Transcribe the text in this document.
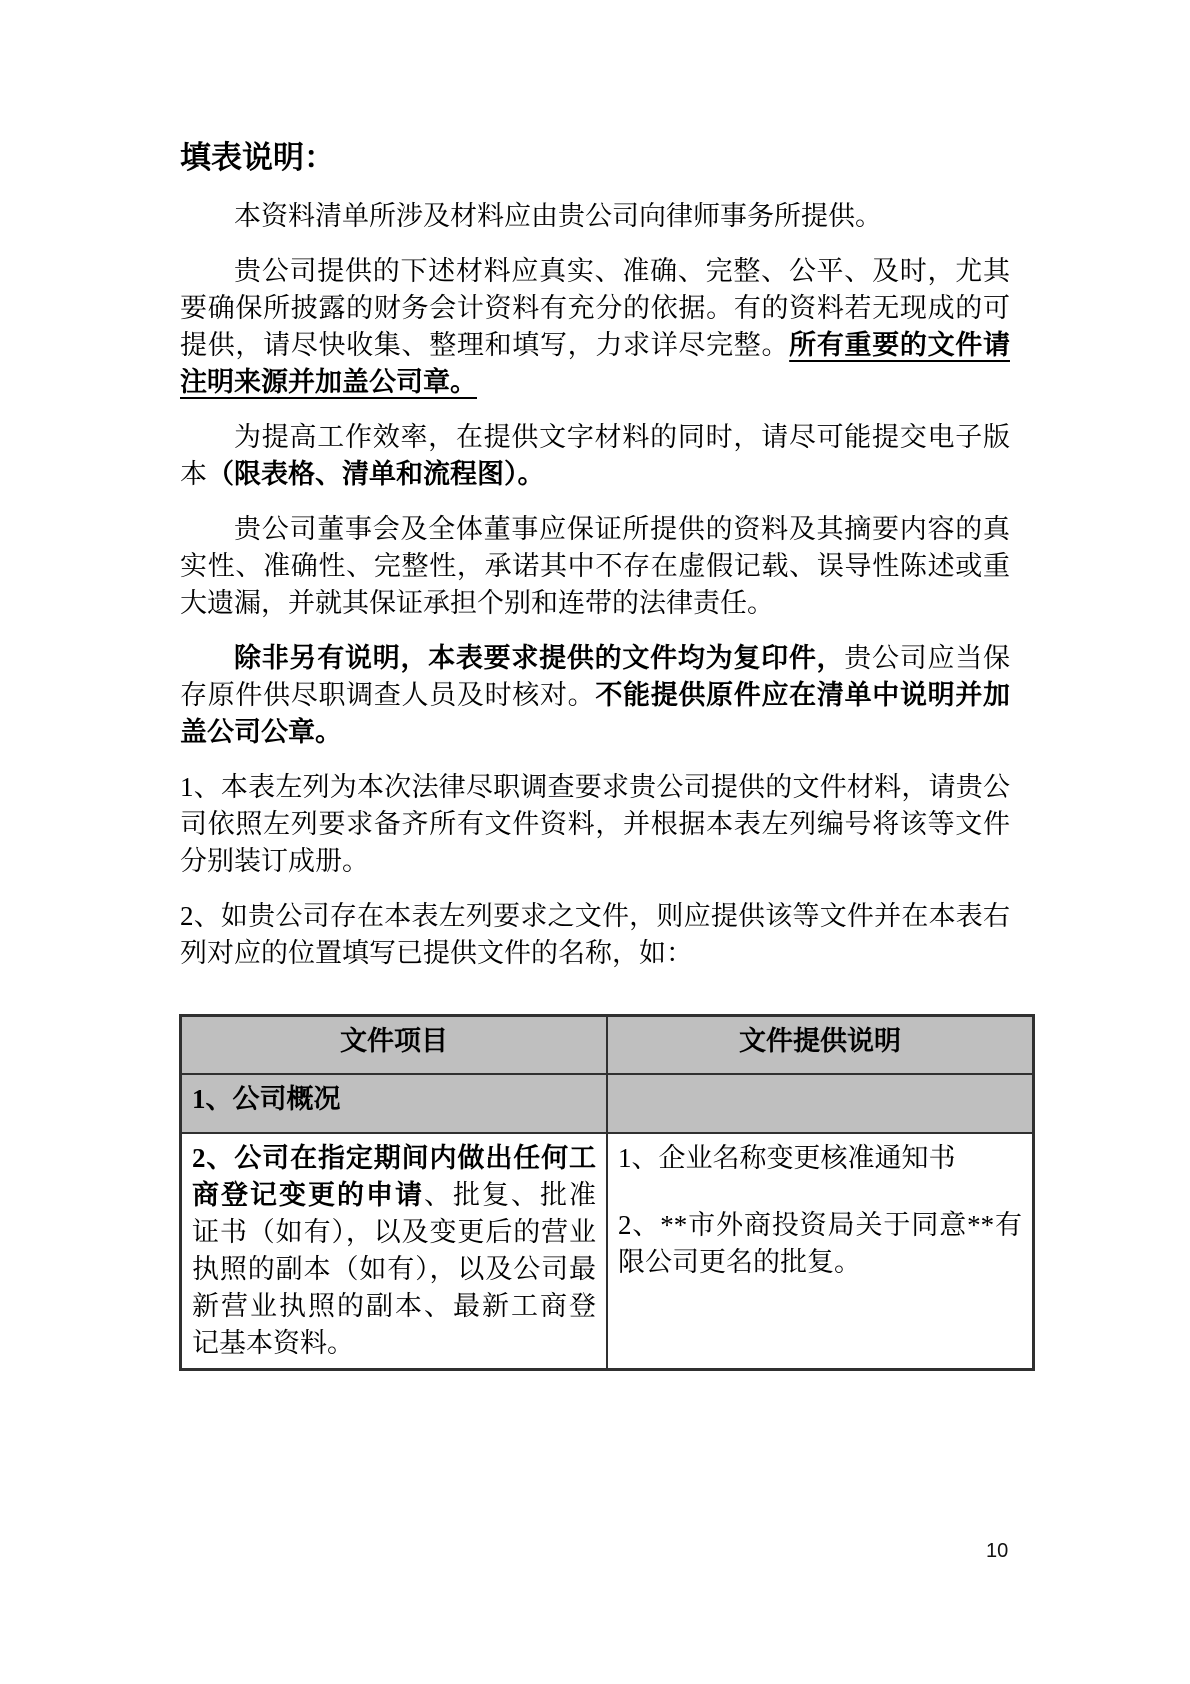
填表说明：

本资料清单所涉及材料应由贵公司向律师事务所提供。

贵公司提供的下述材料应真实、准确、完整、公平、及时，尤其要确保所披露的财务会计资料有充分的依据。有的资料若无现成的可提供，请尽快收集、整理和填写，力求详尽完整。所有重要的文件请注明来源并加盖公司章。

为提高工作效率，在提供文字材料的同时，请尽可能提交电子版本（限表格、清单和流程图）。

贵公司董事会及全体董事应保证所提供的资料及其摘要内容的真实性、准确性、完整性，承诺其中不存在虚假记载、误导性陈述或重大遗漏，并就其保证承担个别和连带的法律责任。

除非另有说明，本表要求提供的文件均为复印件，贵公司应当保存原件供尽职调查人员及时核对。不能提供原件应在清单中说明并加盖公司公章。

1、本表左列为本次法律尽职调查要求贵公司提供的文件材料，请贵公司依照左列要求备齐所有文件资料，并根据本表左列编号将该等文件分别装订成册。

2、如贵公司存在本表左列要求之文件，则应提供该等文件并在本表右列对应的位置填写已提供文件的名称，如：

文件项目	文件提供说明
1、公司概况	
2、公司在指定期间内做出任何工商登记变更的申请、批复、批准证书（如有），以及变更后的营业执照的副本（如有），以及公司最新营业执照的副本、最新工商登记基本资料。	1、企业名称变更核准通知书
2、**市外商投资局关于同意**有限公司更名的批复。
10
